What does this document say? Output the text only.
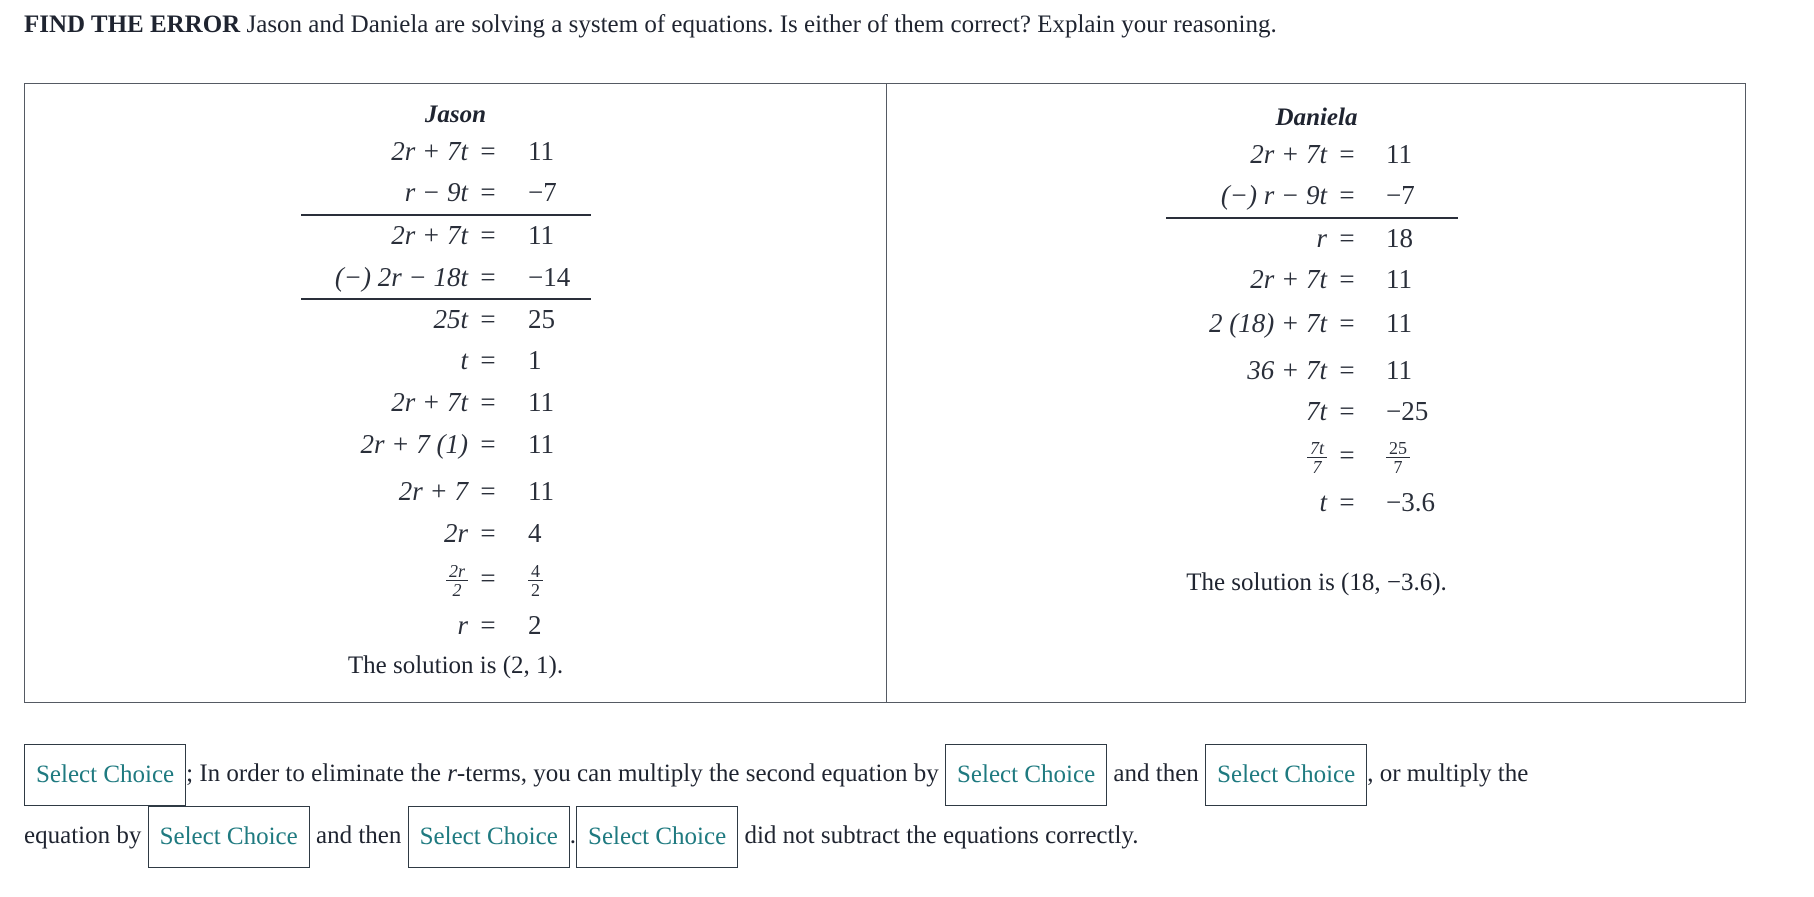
FIND THE ERROR Jason and Daniela are solving a system of equations. Is either of them correct? Explain your reasoning.
Jason
2r + 7t =	11
r − 9t =	−7
2r + 7t =	11
(−) 2r − 18t =	−14
25t =	25
t =	1
2r + 7t =	11
2r + 7 (1) =	11
2r + 7 =	11
2r =	4
$\frac{2r}{2}$ =	$\frac{4}{2}$
r =	2
The solution is (2, 1).
Daniela
2r + 7t =	11
(−) r − 9t =	−7
r =	18
2r + 7t =	11
2 (18) + 7t =	11
36 + 7t =	11
7t =	−25
$\frac{7t}{7}$ =	$\frac{25}{7}$
t =	−3.6
The solution is (18, −3.6).
Select Choice ; In order to eliminate the r-terms, you can multiply the second equation by Select Choice and then Select Choice , or multiply the
equation by Select Choice and then Select Choice . Select Choice did not subtract the equations correctly.
